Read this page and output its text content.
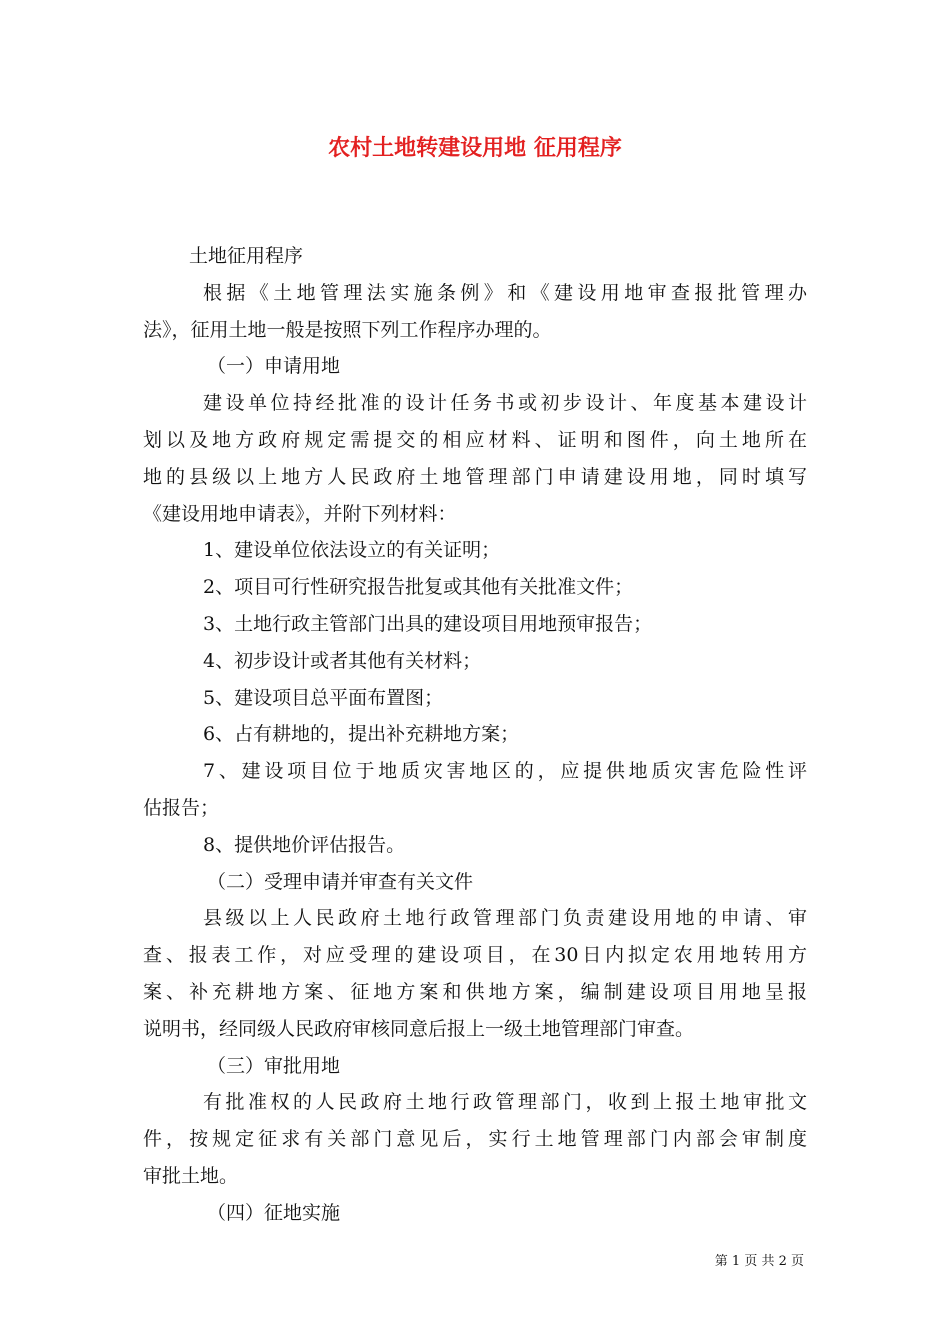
农村土地转建设用地 征用程序
土地征用程序
根据《土地管理法实施条例》和《建设用地审查报批管理办
法》，征用土地一般是按照下列工作程序办理的。
（一）申请用地
建设单位持经批准的设计任务书或初步设计、年度基本建设计
划以及地方政府规定需提交的相应材料、证明和图件，向土地所在
地的县级以上地方人民政府土地管理部门申请建设用地，同时填写
《建设用地申请表》，并附下列材料：
1、建设单位依法设立的有关证明；
2、项目可行性研究报告批复或其他有关批准文件；
3、土地行政主管部门出具的建设项目用地预审报告；
4、初步设计或者其他有关材料；
5、建设项目总平面布置图；
6、占有耕地的，提出补充耕地方案；
7、建设项目位于地质灾害地区的，应提供地质灾害危险性评
估报告；
8、提供地价评估报告。
（二）受理申请并审查有关文件
县级以上人民政府土地行政管理部门负责建设用地的申请、审
查、报表工作，对应受理的建设项目，在30日内拟定农用地转用方
案、补充耕地方案、征地方案和供地方案，编制建设项目用地呈报
说明书，经同级人民政府审核同意后报上一级土地管理部门审查。
（三）审批用地
有批准权的人民政府土地行政管理部门，收到上报土地审批文
件，按规定征求有关部门意见后，实行土地管理部门内部会审制度
审批土地。
（四）征地实施
第 1 页 共 2 页
